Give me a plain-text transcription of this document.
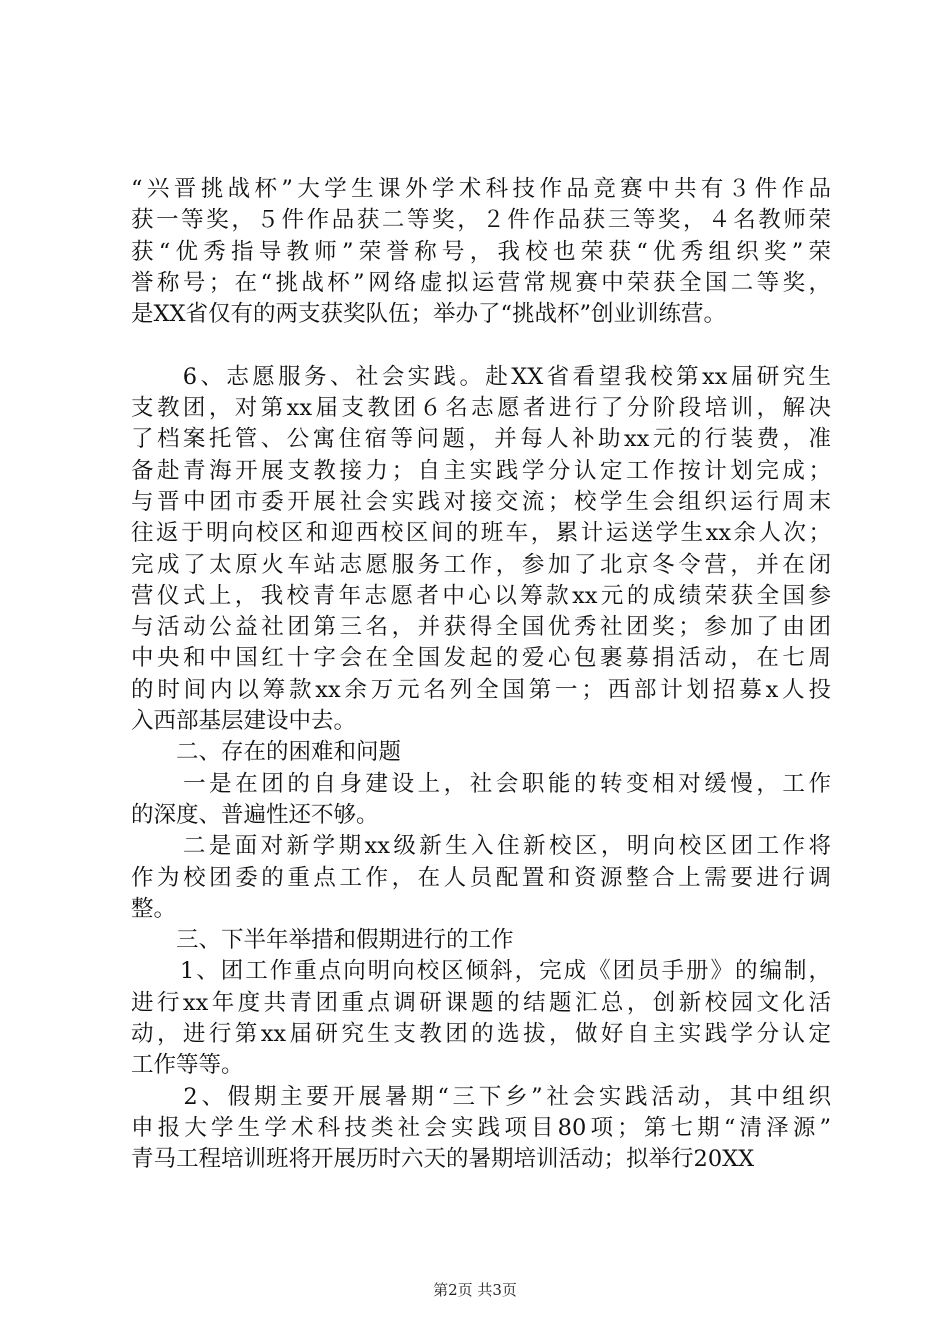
“兴晋挑战杯”大学生课外学术科技作品竞赛中共有３件作品
获一等奖，５件作品获二等奖，２件作品获三等奖，４名教师荣
获“优秀指导教师”荣誉称号，我校也荣获“优秀组织奖”荣
誉称号；在“挑战杯”网络虚拟运营常规赛中荣获全国二等奖，
是XX省仅有的两支获奖队伍；举办了“挑战杯”创业训练营。
　　6、志愿服务、社会实践。赴XX省看望我校第xx届研究生
支教团，对第xx届支教团６名志愿者进行了分阶段培训，解决
了档案托管、公寓住宿等问题，并每人补助xx元的行装费，准
备赴青海开展支教接力；自主实践学分认定工作按计划完成；
与晋中团市委开展社会实践对接交流；校学生会组织运行周末
往返于明向校区和迎西校区间的班车，累计运送学生xx余人次；
完成了太原火车站志愿服务工作，参加了北京冬令营，并在闭
营仪式上，我校青年志愿者中心以筹款xx元的成绩荣获全国参
与活动公益社团第三名，并获得全国优秀社团奖；参加了由团
中央和中国红十字会在全国发起的爱心包裹募捐活动，在七周
的时间内以筹款xx余万元名列全国第一；西部计划招募x人投
入西部基层建设中去。
　　二、存在的困难和问题
　　一是在团的自身建设上，社会职能的转变相对缓慢，工作
的深度、普遍性还不够。
　　二是面对新学期xx级新生入住新校区，明向校区团工作将
作为校团委的重点工作，在人员配置和资源整合上需要进行调
整。
　　三、下半年举措和假期进行的工作
　　1、团工作重点向明向校区倾斜，完成《团员手册》的编制，
进行xx年度共青团重点调研课题的结题汇总，创新校园文化活
动，进行第xx届研究生支教团的选拔，做好自主实践学分认定
工作等等。
　　2、假期主要开展暑期“三下乡”社会实践活动，其中组织
申报大学生学术科技类社会实践项目80项；第七期“清泽源”
青马工程培训班将开展历时六天的暑期培训活动；拟举行20XX
第2页 共3页
